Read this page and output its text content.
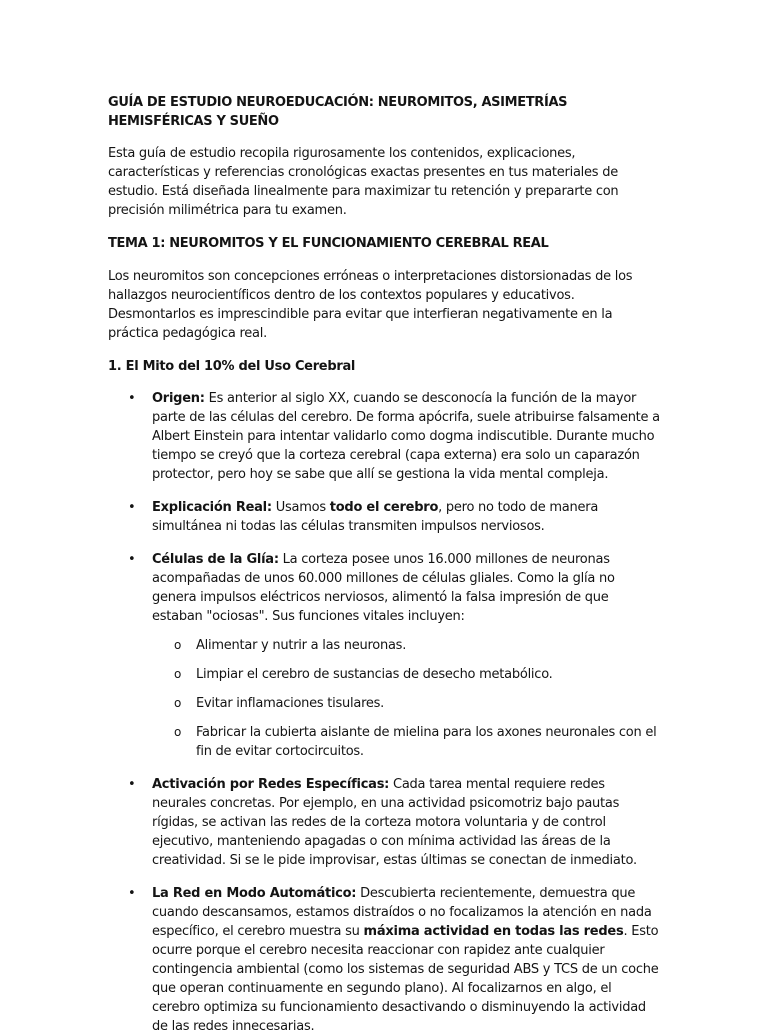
GUÍA DE ESTUDIO NEUROEDUCACIÓN: NEUROMITOS, ASIMETRÍAS HEMISFÉRICAS Y SUEÑO

Esta guía de estudio recopila rigurosamente los contenidos, explicaciones, características y referencias cronológicas exactas presentes en tus materiales de estudio. Está diseñada linealmente para maximizar tu retención y prepararte con precisión milimétrica para tu examen.

TEMA 1: NEUROMITOS Y EL FUNCIONAMIENTO CEREBRAL REAL

Los neuromitos son concepciones erróneas o interpretaciones distorsionadas de los hallazgos neurocientíficos dentro de los contextos populares y educativos. Desmontarlos es imprescindible para evitar que interfieran negativamente en la práctica pedagógica real.

1. El Mito del 10% del Uso Cerebral

• Origen: Es anterior al siglo XX, cuando se desconocía la función de la mayor parte de las células del cerebro. De forma apócrifa, suele atribuirse falsamente a Albert Einstein para intentar validarlo como dogma indiscutible. Durante mucho tiempo se creyó que la corteza cerebral (capa externa) era solo un caparazón protector, pero hoy se sabe que allí se gestiona la vida mental compleja.

• Explicación Real: Usamos todo el cerebro, pero no todo de manera simultánea ni todas las células transmiten impulsos nerviosos.

• Células de la Glía: La corteza posee unos 16.000 millones de neuronas acompañadas de unos 60.000 millones de células gliales. Como la glía no genera impulsos eléctricos nerviosos, alimentó la falsa impresión de que estaban "ociosas". Sus funciones vitales incluyen:

o Alimentar y nutrir a las neuronas.

o Limpiar el cerebro de sustancias de desecho metabólico.

o Evitar inflamaciones tisulares.

o Fabricar la cubierta aislante de mielina para los axones neuronales con el fin de evitar cortocircuitos.

• Activación por Redes Específicas: Cada tarea mental requiere redes neurales concretas. Por ejemplo, en una actividad psicomotriz bajo pautas rígidas, se activan las redes de la corteza motora voluntaria y de control ejecutivo, manteniendo apagadas o con mínima actividad las áreas de la creatividad. Si se le pide improvisar, estas últimas se conectan de inmediato.

• La Red en Modo Automático: Descubierta recientemente, demuestra que cuando descansamos, estamos distraídos o no focalizamos la atención en nada específico, el cerebro muestra su máxima actividad en todas las redes. Esto ocurre porque el cerebro necesita reaccionar con rapidez ante cualquier contingencia ambiental (como los sistemas de seguridad ABS y TCS de un coche que operan continuamente en segundo plano). Al focalizarnos en algo, el cerebro optimiza su funcionamiento desactivando o disminuyendo la actividad de las redes innecesarias.
